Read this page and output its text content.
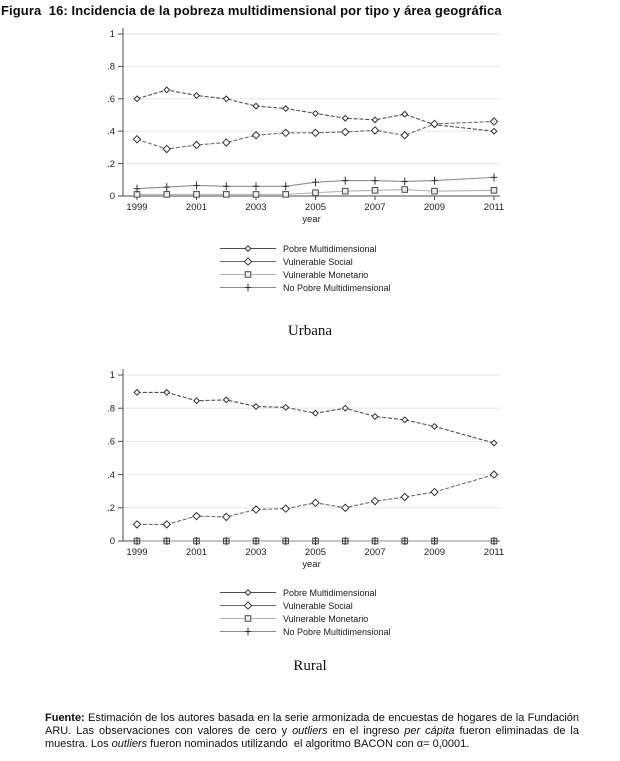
Figura  16: Incidencia de la pobreza multidimensional por tipo y área geográfica
0
.2
.4
.6
.8
1
1999	2001	2003	2005	2007	2009	2011
year
Pobre Multidimensional
Vulnerable Social
Vulnerable Monetario
No Pobre Multidimensional
Urbana
0
.2
.4
.6
.8
1
1999	2001	2003	2005	2007	2009	2011
year
Pobre Multidimensional
Vulnerable Social
Vulnerable Monetario
No Pobre Multidimensional
Rural

Fuente: Estimación de los autores basada en la serie armonizada de encuestas de hogares de la Fundación ARU. Las observaciones con valores de cero y outliers en el ingreso per cápita fueron eliminadas de la muestra. Los outliers fueron nominados utilizando  el algoritmo BACON con α= 0,0001.
